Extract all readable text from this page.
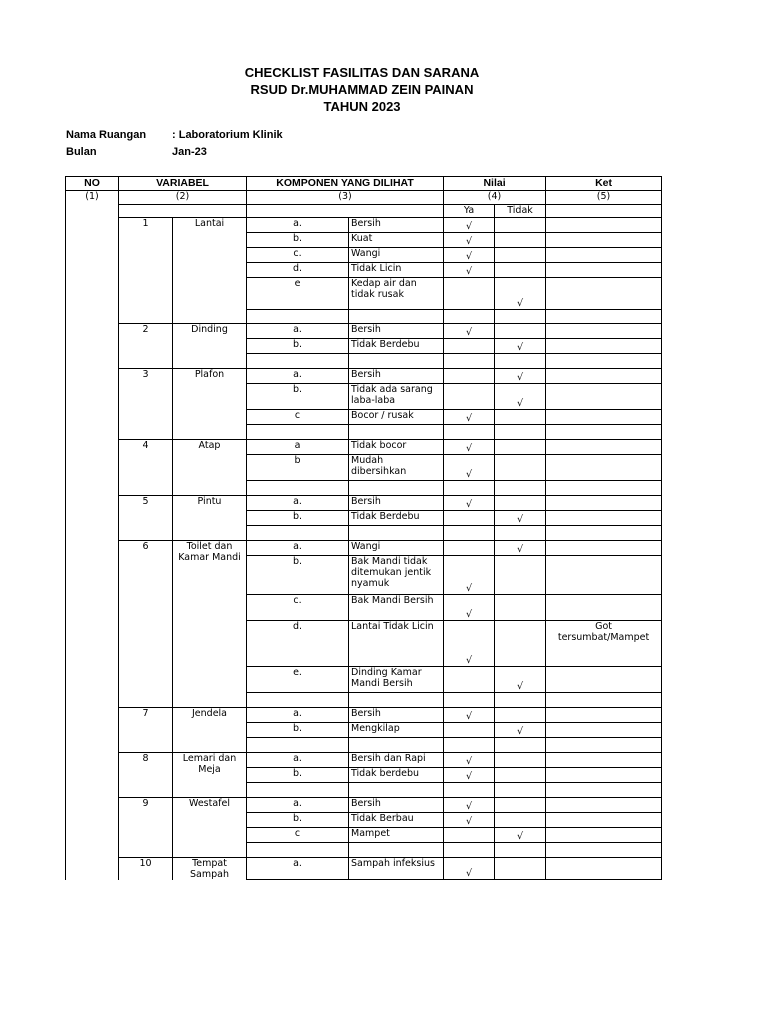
CHECKLIST FASILITAS DAN SARANA
RSUD Dr.MUHAMMAD ZEIN PAINAN
TAHUN 2023
Nama Ruangan : Laboratorium Klinik
Bulan	Jan-23
NO	VARIABEL		KOMPONEN YANG DILIHAT		Nilai		Ket
(1)	(2)		(3)		(4)		(5)
					Ya	Tidak	
	1	Lantai	a.	Bersih	√		
			b.	Kuat	√		
			c.	Wangi	√		
			d.	Tidak Licin	√		
			e	Kedap air dan tidak rusak		√	

	2	Dinding	a.	Bersih	√		
			b.	Tidak Berdebu		√	

	3	Plafon	a.	Bersih		√	
			b.	Tidak ada sarang laba-laba		√	
			c	Bocor / rusak	√		

	4	Atap	a	Tidak bocor	√		
			b	Mudah dibersihkan	√		

	5	Pintu	a.	Bersih	√		
			b.	Tidak Berdebu		√	

	6	Toilet dan Kamar Mandi	a.	Wangi		√	
			b.	Bak Mandi tidak ditemukan jentik nyamuk	√		
			c.	Bak Mandi Bersih	√		
			d.	Lantai Tidak Licin	√		Got tersumbat/Mampet
			e.	Dinding Kamar Mandi Bersih		√	

	7	Jendela	a.	Bersih	√		
			b.	Mengkilap		√	

	8	Lemari dan Meja	a.	Bersih dan Rapi	√		
			b.	Tidak berdebu	√		

	9	Westafel	a.	Bersih	√		
			b.	Tidak Berbau	√		
			c	Mampet		√	

	10	Tempat Sampah	a.	Sampah infeksius	√		
